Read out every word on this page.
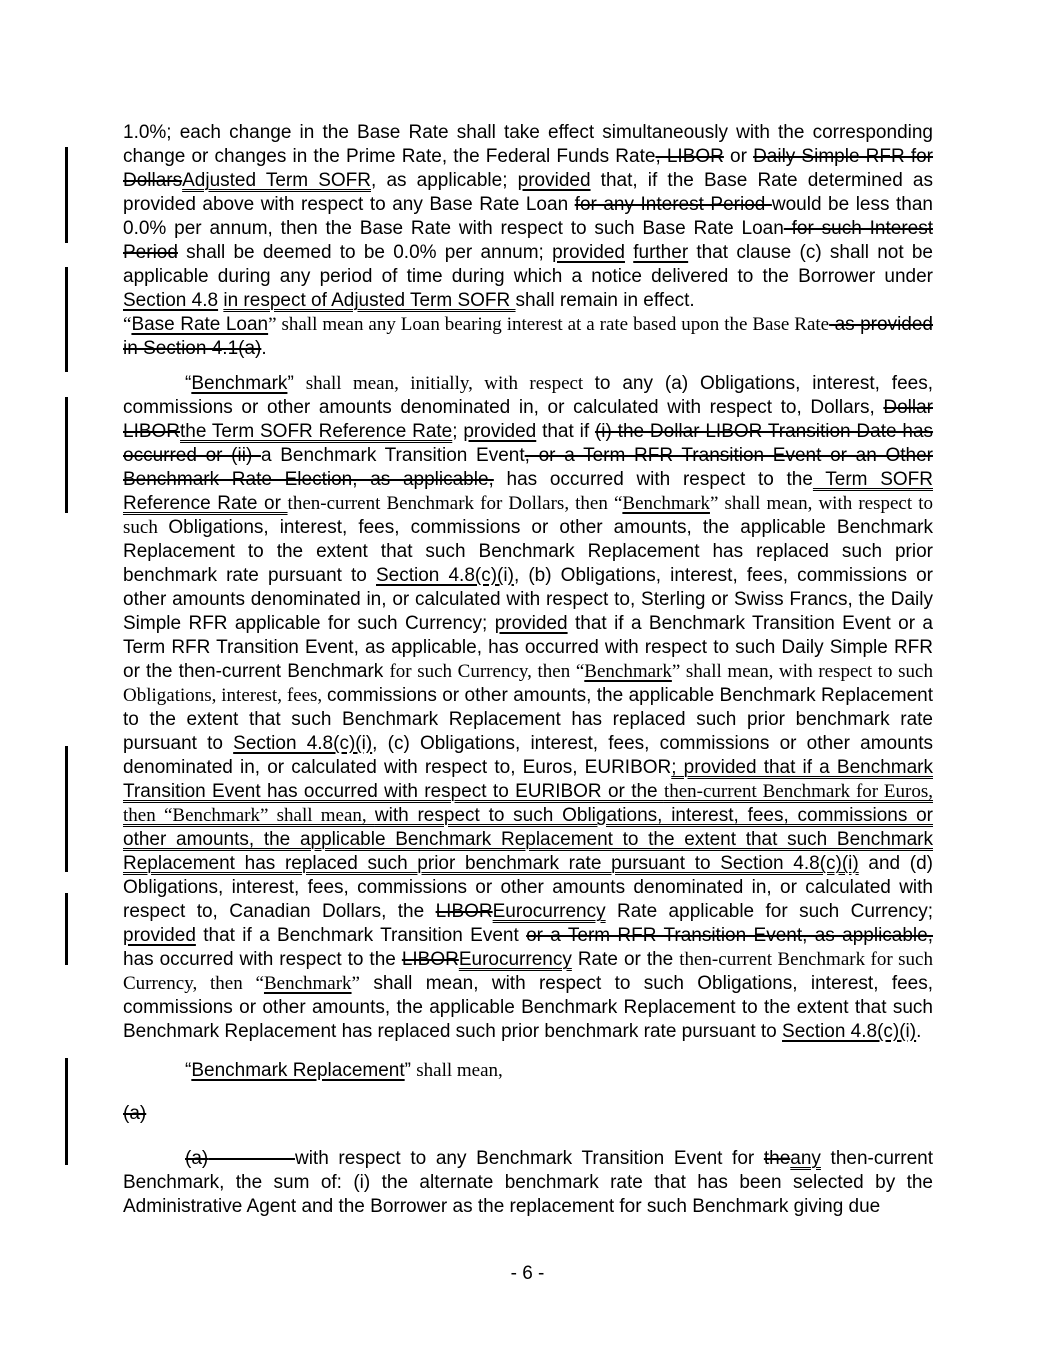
1.0%; each change in the Base Rate shall take effect simultaneously with the corresponding change or changes in the Prime Rate, the Federal Funds Rate, LIBOR or Daily Simple RFR for DollarsAdjusted Term SOFR, as applicable; provided that, if the Base Rate determined as provided above with respect to any Base Rate Loan for any Interest Period would be less than 0.0% per annum, then the Base Rate with respect to such Base Rate Loan for such Interest Period shall be deemed to be 0.0% per annum; provided further that clause (c) shall not be applicable during any period of time during which a notice delivered to the Borrower under Section 4.8 in respect of Adjusted Term SOFR shall remain in effect.

“Base Rate Loan” shall mean any Loan bearing interest at a rate based upon the Base Rate as provided in Section 4.1(a).

“Benchmark” shall mean, initially, with respect to any (a) Obligations, interest, fees, commissions or other amounts denominated in, or calculated with respect to, Dollars, Dollar LIBORthe Term SOFR Reference Rate; provided that if (i) the Dollar LIBOR Transition Date has occurred or (ii) a Benchmark Transition Event, or a Term RFR Transition Event or an Other Benchmark Rate Election, as applicable, has occurred with respect to the Term SOFR Reference Rate or then-current Benchmark for Dollars, then “Benchmark” shall mean, with respect to such Obligations, interest, fees, commissions or other amounts, the applicable Benchmark Replacement to the extent that such Benchmark Replacement has replaced such prior benchmark rate pursuant to Section 4.8(c)(i), (b) Obligations, interest, fees, commissions or other amounts denominated in, or calculated with respect to, Sterling or Swiss Francs, the Daily Simple RFR applicable for such Currency; provided that if a Benchmark Transition Event or a Term RFR Transition Event, as applicable, has occurred with respect to such Daily Simple RFR or the then-current Benchmark for such Currency, then “Benchmark” shall mean, with respect to such Obligations, interest, fees, commissions or other amounts, the applicable Benchmark Replacement to the extent that such Benchmark Replacement has replaced such prior benchmark rate pursuant to Section 4.8(c)(i), (c) Obligations, interest, fees, commissions or other amounts denominated in, or calculated with respect to, Euros, EURIBOR; provided that if a Benchmark Transition Event has occurred with respect to EURIBOR or the then-current Benchmark for Euros, then “Benchmark” shall mean, with respect to such Obligations, interest, fees, commissions or other amounts, the applicable Benchmark Replacement to the extent that such Benchmark Replacement has replaced such prior benchmark rate pursuant to Section 4.8(c)(i) and (d) Obligations, interest, fees, commissions or other amounts denominated in, or calculated with respect to, Canadian Dollars, the LIBOREurocurrency Rate applicable for such Currency; provided that if a Benchmark Transition Event or a Term RFR Transition Event, as applicable, has occurred with respect to the LIBOREurocurrency Rate or the then-current Benchmark for such Currency, then “Benchmark” shall mean, with respect to such Obligations, interest, fees, commissions or other amounts, the applicable Benchmark Replacement to the extent that such Benchmark Replacement has replaced such prior benchmark rate pursuant to Section 4.8(c)(i).

“Benchmark Replacement” shall mean,

(a)

(a)	with respect to any Benchmark Transition Event for theany then-current Benchmark, the sum of: (i) the alternate benchmark rate that has been selected by the Administrative Agent and the Borrower as the replacement for such Benchmark giving due

- 6 -
